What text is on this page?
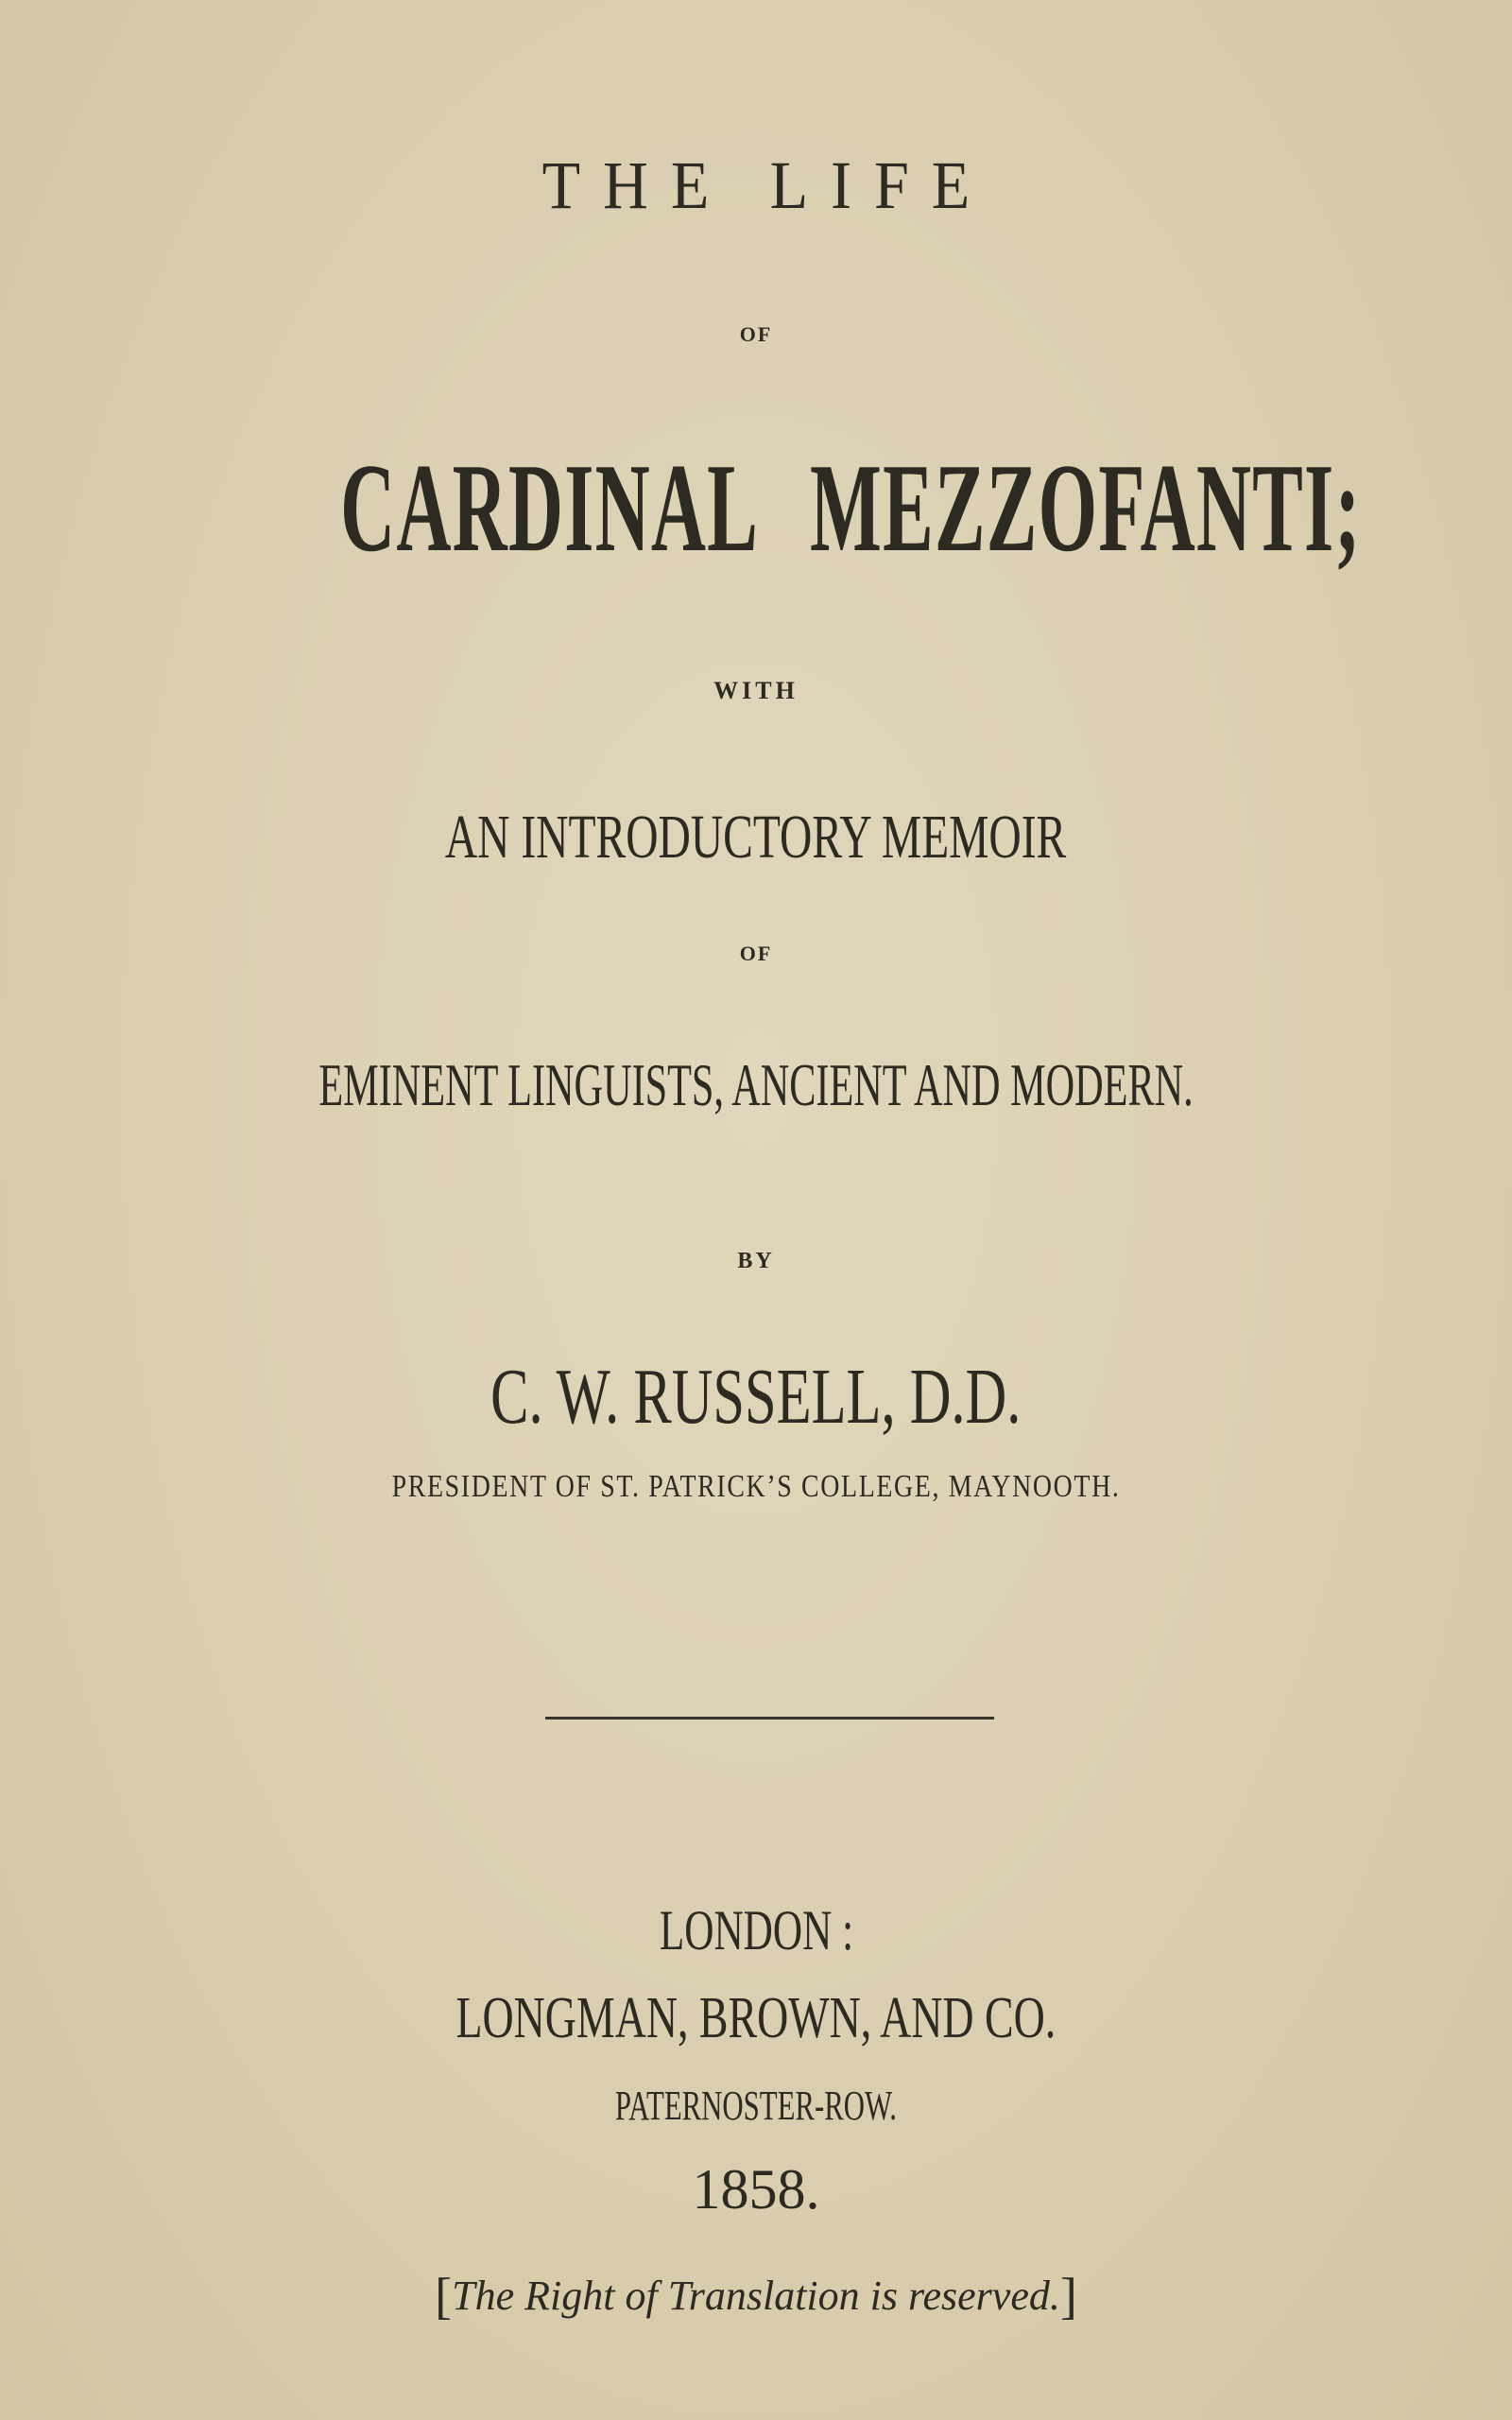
THE LIFE
OF
CARDINAL MEZZOFANTI;
WITH
AN INTRODUCTORY MEMOIR
OF
EMINENT LINGUISTS, ANCIENT AND MODERN.
BY
C. W. RUSSELL, D.D.
PRESIDENT OF ST. PATRICK’S COLLEGE, MAYNOOTH.
LONDON :
LONGMAN, BROWN, AND CO.
PATERNOSTER-ROW.
1858.
[The Right of Translation is reserved.]
